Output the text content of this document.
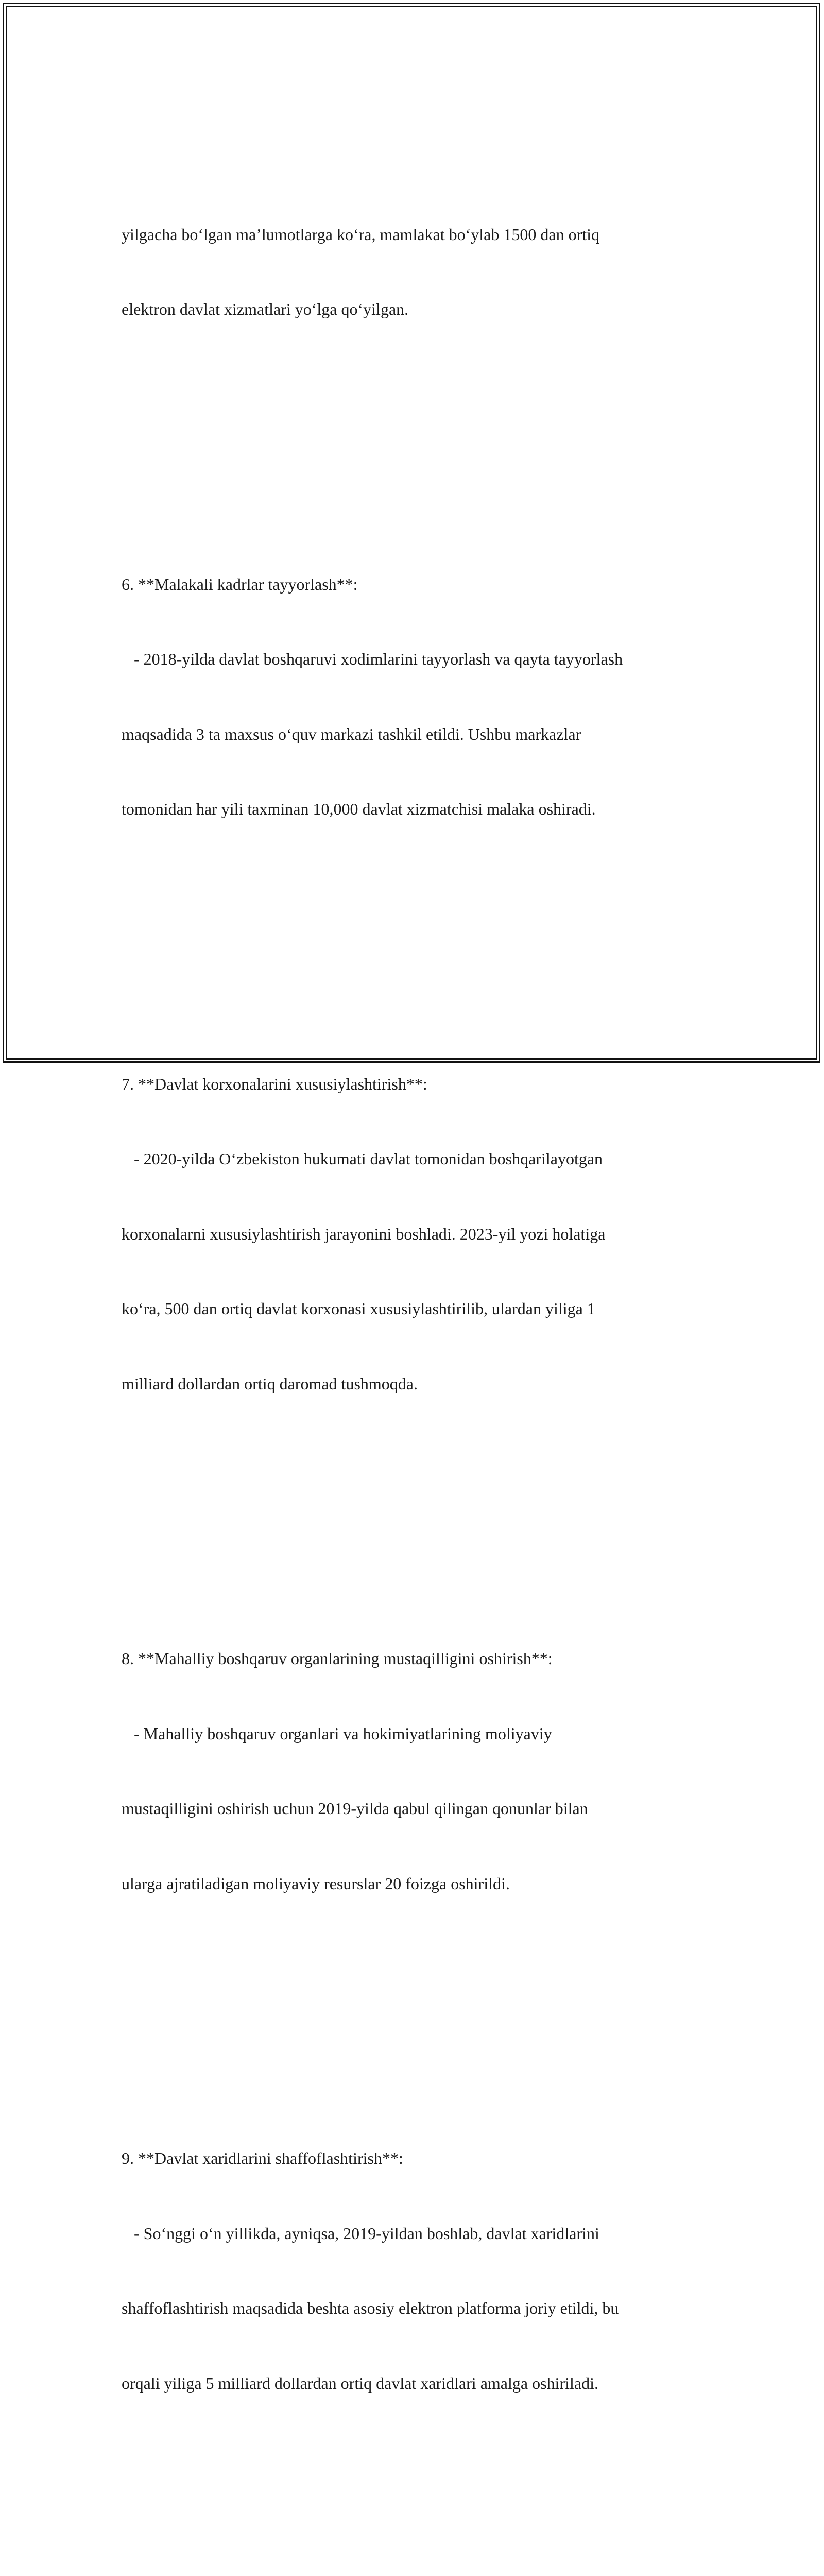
yilgacha bo‘lgan ma’lumotlarga ko‘ra, mamlakat bo‘ylab 1500 dan ortiq

elektron davlat xizmatlari yo‘lga qo‘yilgan.

6. **Malakali kadrlar tayyorlash**:

- 2018-yilda davlat boshqaruvi xodimlarini tayyorlash va qayta tayyorlash

maqsadida 3 ta maxsus o‘quv markazi tashkil etildi. Ushbu markazlar

tomonidan har yili taxminan 10,000 davlat xizmatchisi malaka oshiradi.

7. **Davlat korxonalarini xususiylashtirish**:

- 2020-yilda O‘zbekiston hukumati davlat tomonidan boshqarilayotgan

korxonalarni xususiylashtirish jarayonini boshladi. 2023-yil yozi holatiga

ko‘ra, 500 dan ortiq davlat korxonasi xususiylashtirilib, ulardan yiliga 1

milliard dollardan ortiq daromad tushmoqda.

8. **Mahalliy boshqaruv organlarining mustaqilligini oshirish**:

- Mahalliy boshqaruv organlari va hokimiyatlarining moliyaviy

mustaqilligini oshirish uchun 2019-yilda qabul qilingan qonunlar bilan

ularga ajratiladigan moliyaviy resurslar 20 foizga oshirildi.

9. **Davlat xaridlarini shaffoflashtirish**:

- So‘nggi o‘n yillikda, ayniqsa, 2019-yildan boshlab, davlat xaridlarini

shaffoflashtirish maqsadida beshta asosiy elektron platforma joriy etildi, bu

orqali yiliga 5 milliard dollardan ortiq davlat xaridlari amalga oshiriladi.
